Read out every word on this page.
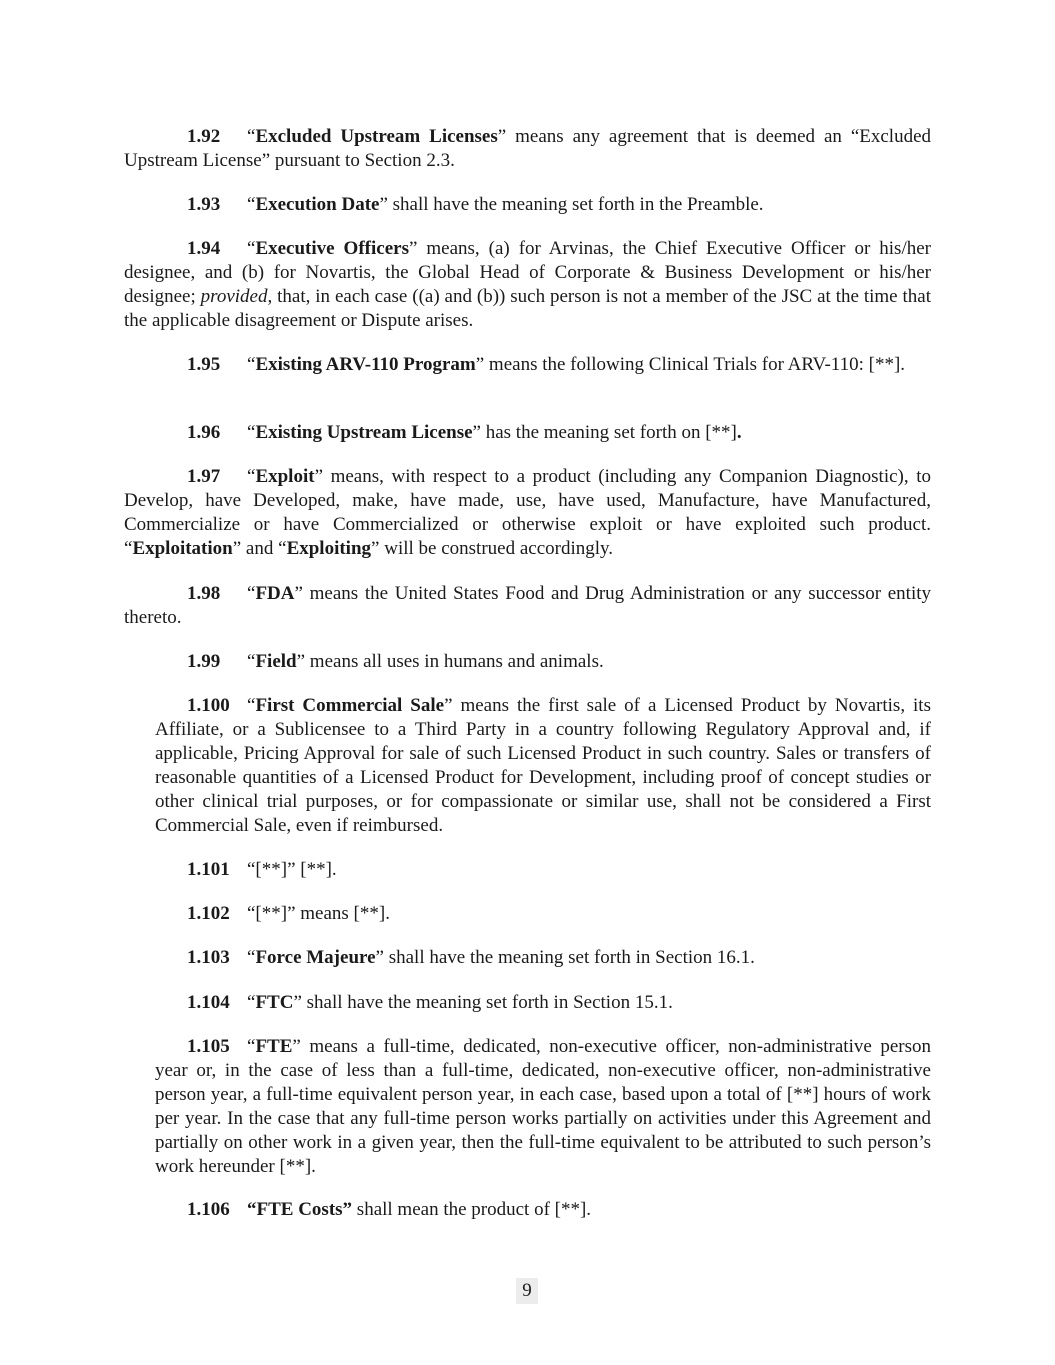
1.92 “Excluded Upstream Licenses” means any agreement that is deemed an “Excluded Upstream License” pursuant to Section 2.3.

1.93 “Execution Date” shall have the meaning set forth in the Preamble.

1.94 “Executive Officers” means, (a) for Arvinas, the Chief Executive Officer or his/her designee, and (b) for Novartis, the Global Head of Corporate & Business Development or his/her designee; provided, that, in each case ((a) and (b)) such person is not a member of the JSC at the time that the applicable disagreement or Dispute arises.

1.95 “Existing ARV-110 Program” means the following Clinical Trials for ARV-110: [**].

1.96 “Existing Upstream License” has the meaning set forth on [**].

1.97 “Exploit” means, with respect to a product (including any Companion Diagnostic), to Develop, have Developed, make, have made, use, have used, Manufacture, have Manufactured, Commercialize or have Commercialized or otherwise exploit or have exploited such product. “Exploitation” and “Exploiting” will be construed accordingly.

1.98 “FDA” means the United States Food and Drug Administration or any successor entity thereto.

1.99 “Field” means all uses in humans and animals.

1.100 “First Commercial Sale” means the first sale of a Licensed Product by Novartis, its Affiliate, or a Sublicensee to a Third Party in a country following Regulatory Approval and, if applicable, Pricing Approval for sale of such Licensed Product in such country. Sales or transfers of reasonable quantities of a Licensed Product for Development, including proof of concept studies or other clinical trial purposes, or for compassionate or similar use, shall not be considered a First Commercial Sale, even if reimbursed.

1.101 “[**]” [**].

1.102 “[**]” means [**].

1.103 “Force Majeure” shall have the meaning set forth in Section 16.1.

1.104 “FTC” shall have the meaning set forth in Section 15.1.

1.105 “FTE” means a full-time, dedicated, non-executive officer, non-administrative person year or, in the case of less than a full-time, dedicated, non-executive officer, non-administrative person year, a full-time equivalent person year, in each case, based upon a total of [**] hours of work per year. In the case that any full-time person works partially on activities under this Agreement and partially on other work in a given year, then the full-time equivalent to be attributed to such person’s work hereunder [**].

1.106 “FTE Costs” shall mean the product of [**].

9
